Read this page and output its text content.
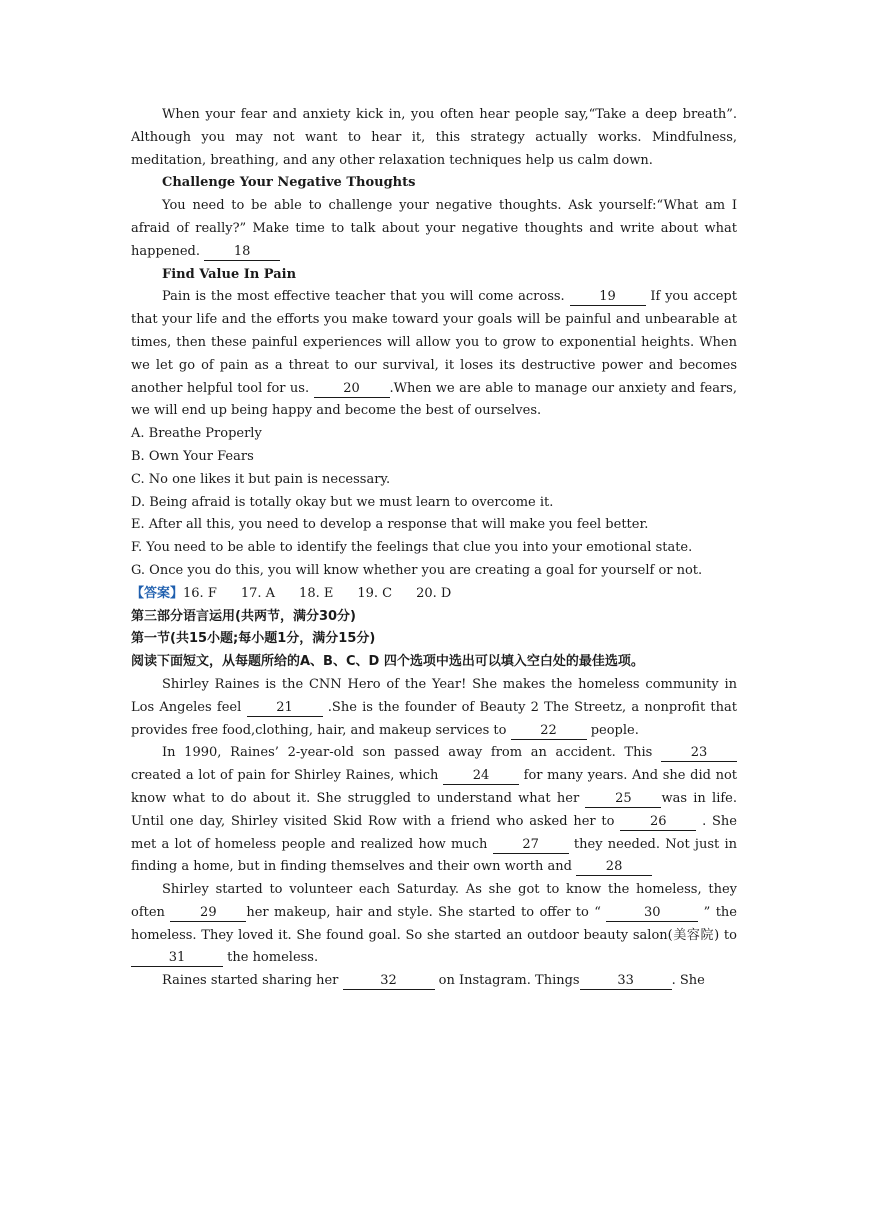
When your fear and anxiety kick in, you often hear people say,“Take a deep breath”. Although you may not want to hear it, this strategy actually works. Mindfulness, meditation, breathing, and any other relaxation techniques help us calm down.

Challenge Your Negative Thoughts

You need to be able to challenge your negative thoughts. Ask yourself:“What am I afraid of really?” Make time to talk about your negative thoughts and write about what happened.	18

Find Value In Pain

Pain is the most effective teacher that you will come across.	19	If you accept that your life and the efforts you make toward your goals will be painful and unbearable at times, then these painful experiences will allow you to grow to exponential heights. When we let go of pain as a threat to our survival, it loses its destructive power and becomes another helpful tool for us.	20 .When we are able to manage our anxiety and fears, we will end up being happy and become the best of ourselves.

A. Breathe Properly

B. Own Your Fears

C. No one likes it but pain is necessary.

D. Being afraid is totally okay but we must learn to overcome it.

E. After all this, you need to develop a response that will make you feel better.

F. You need to be able to identify the feelings that clue you into your emotional state.

G. Once you do this, you will know whether you are creating a goal for yourself or not.

【答案】16. F 17. A 18. E 19. C 20. D

第三部分语言运用(共两节，满分30分)

第一节(共15小题;每小题1分，满分15分)

阅读下面短文，从每题所给的A、B、C、D 四个选项中选出可以填入空白处的最佳选项。

Shirley Raines is the CNN Hero of the Year! She makes the homeless community in Los Angeles feel	21	.She is the founder of Beauty 2 The Streetz, a nonprofit that provides free food,clothing, hair, and makeup services to	22	people.

In 1990, Raines’ 2-year-old son passed away from an accident. This	23 created a lot of pain for Shirley Raines, which	24	for many years. And she did not know what to do about it. She struggled to understand what her	25 was in life. Until one day, Shirley visited Skid Row with a friend who asked her to	26	. She met a lot of homeless people and realized how much	27	they needed. Not just in finding a home, but in finding themselves and their own worth and	28

Shirley started to volunteer each Saturday. As she got to know the homeless, they often	29 her makeup, hair and style. She started to offer to “	30	” the homeless. They loved it. She found goal. So she started an outdoor beauty salon(美容院) to 31	the homeless.

Raines started sharing her	32	on Instagram. Things	33	. She
